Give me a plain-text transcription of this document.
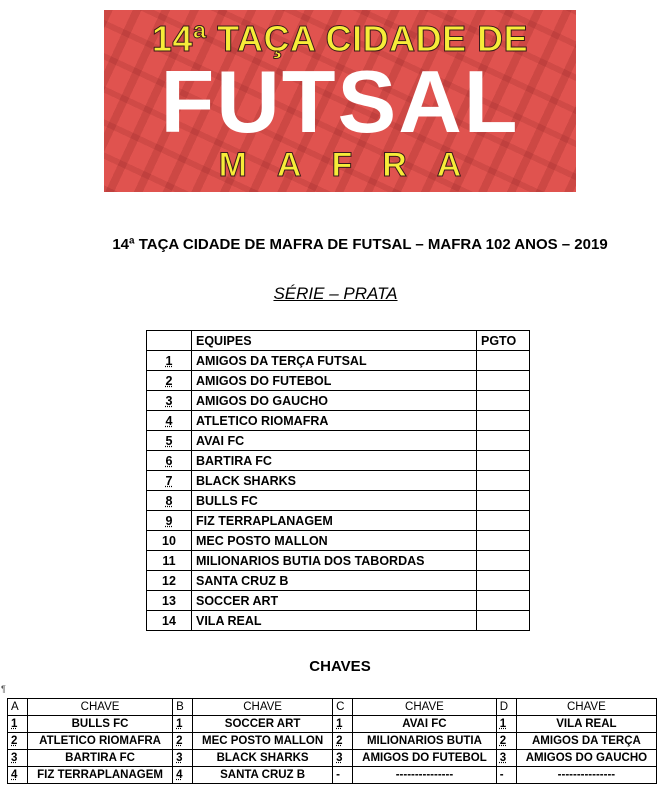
14ª TAÇA CIDADE DE
FUTSAL
MAFRA
14ª TAÇA CIDADE DE MAFRA DE FUTSAL – MAFRA 102 ANOS – 2019
SÉRIE – PRATA
	EQUIPES	PGTO
1	AMIGOS DA TERÇA FUTSAL	
2	AMIGOS DO FUTEBOL	
3	AMIGOS DO GAUCHO	
4	ATLETICO RIOMAFRA	
5	AVAI FC	
6	BARTIRA FC	
7	BLACK SHARKS	
8	BULLS FC	
9	FIZ TERRAPLANAGEM	
10	MEC POSTO MALLON	
11	MILIONARIOS BUTIA DOS TABORDAS	
12	SANTA CRUZ B	
13	SOCCER ART	
14	VILA REAL	
CHAVES
¶
A	CHAVE	B	CHAVE	C	CHAVE	D	CHAVE
1	BULLS FC	1	SOCCER ART	1	AVAI FC	1	VILA REAL
2	ATLETICO RIOMAFRA	2	MEC POSTO MALLON	2	MILIONARIOS BUTIA	2	AMIGOS DA TERÇA
3	BARTIRA FC	3	BLACK SHARKS	3	AMIGOS DO FUTEBOL	3	AMIGOS DO GAUCHO
4	FIZ TERRAPLANAGEM	4	SANTA CRUZ B	-	---------------	-	---------------
